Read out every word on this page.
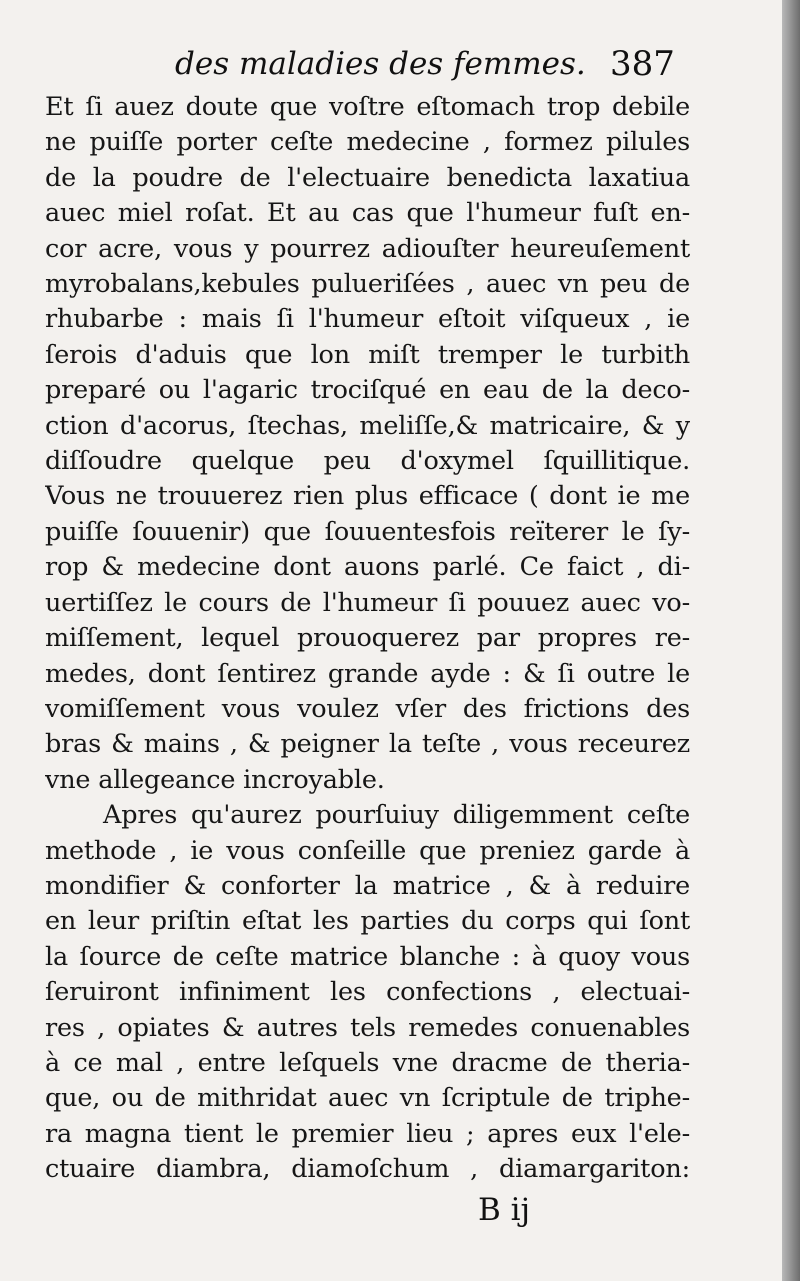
des maladies des femmes. 387
Et ſi auez doute que voſtre eſtomach trop debile
ne puiſſe porter ceſte medecine , formez pilules
de la poudre de l'electuaire benedicta laxatiua
auec miel roſat. Et au cas que l'humeur fuſt en-
cor acre, vous y pourrez adiouſter heureuſement
myrobalans,kebules pulueriſées , auec vn peu de
rhubarbe : mais ſi l'humeur eſtoit viſqueux , ie
ſerois d'aduis que lon miſt tremper le turbith
preparé ou l'agaric trociſqué en eau de la deco-
ction d'acorus, ſtechas, meliſſe,& matricaire, & y
diſſoudre quelque peu d'oxymel ſquillitique.
Vous ne trouuerez rien plus efficace ( dont ie me
puiſſe ſouuenir) que ſouuentesfois reïterer le ſy-
rop & medecine dont auons parlé. Ce faict , di-
uertiſſez le cours de l'humeur ſi pouuez auec vo-
miſſement, lequel prouoquerez par propres re-
medes, dont ſentirez grande ayde : & ſi outre le
vomiſſement vous voulez vſer des frictions des
bras & mains , & peigner la teſte , vous receurez
vne allegeance incroyable.
Apres qu'aurez pourſuiuy diligemment ceſte
methode , ie vous conſeille que preniez garde à
mondifier & conforter la matrice , & à reduire
en leur priſtin eſtat les parties du corps qui ſont
la ſource de ceſte matrice blanche : à quoy vous
ſeruiront infiniment les confections , electuai-
res , opiates & autres tels remedes conuenables
à ce mal , entre leſquels vne dracme de theria-
que, ou de mithridat auec vn ſcriptule de triphe-
ra magna tient le premier lieu ; apres eux l'ele-
ctuaire diambra, diamoſchum , diamargariton:
B ij
